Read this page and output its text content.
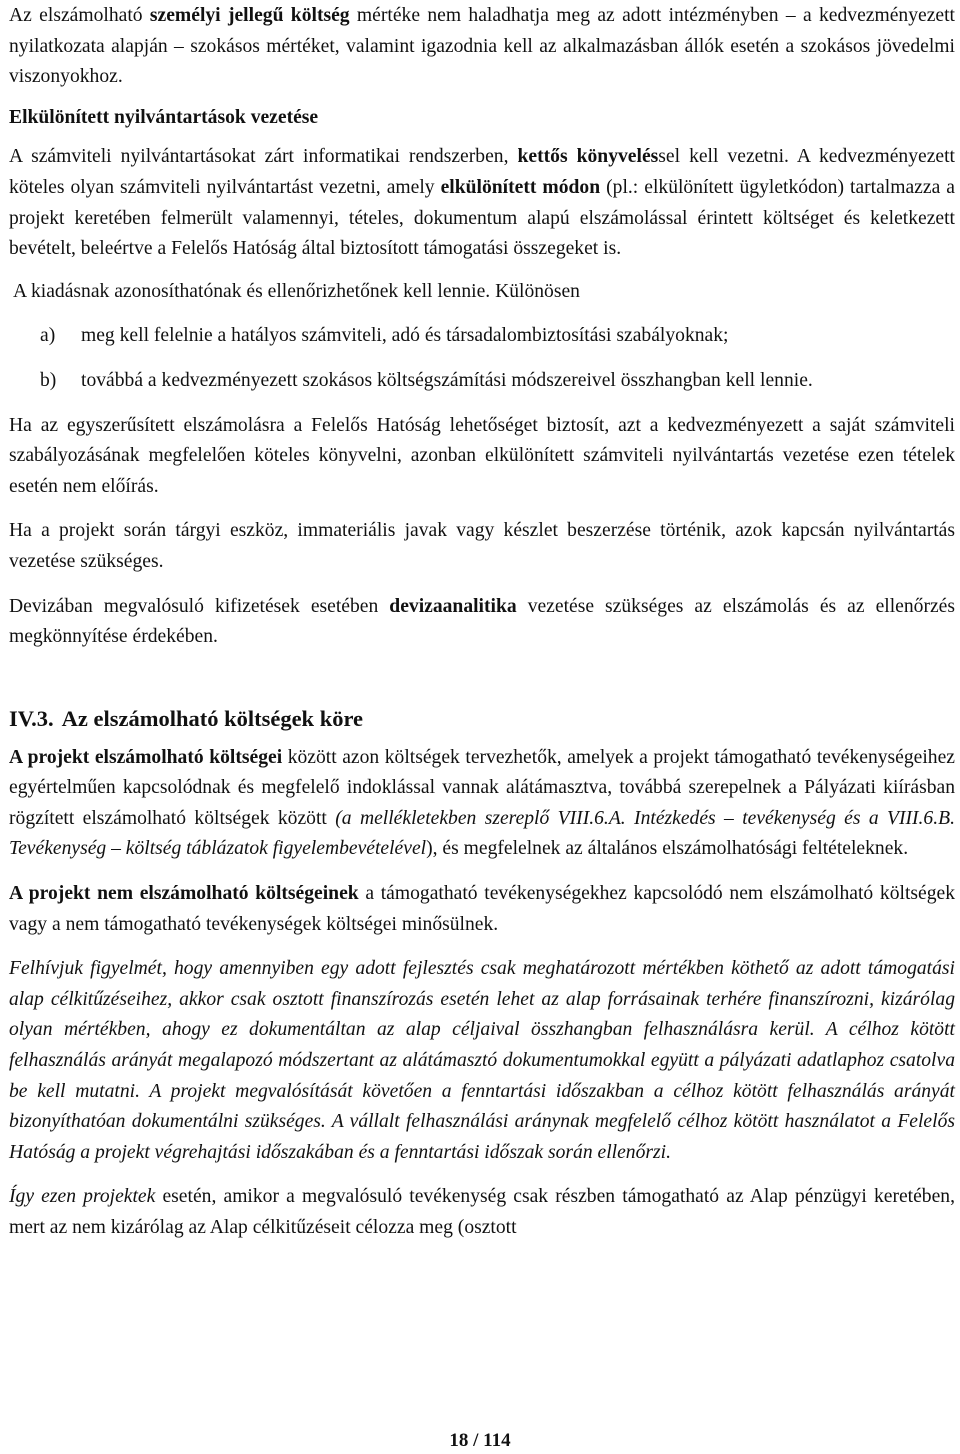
Az elszámolható személyi jellegű költség mértéke nem haladhatja meg az adott intézményben – a kedvezményezett nyilatkozata alapján – szokásos mértéket, valamint igazodnia kell az alkalmazásban állók esetén a szokásos jövedelmi viszonyokhoz.

Elkülönített nyilvántartások vezetése

A számviteli nyilvántartásokat zárt informatikai rendszerben, kettős könyveléssel kell vezetni. A kedvezményezett köteles olyan számviteli nyilvántartást vezetni, amely elkülönített módon (pl.: elkülönített ügyletkódon) tartalmazza a projekt keretében felmerült valamennyi, tételes, dokumentum alapú elszámolással érintett költséget és keletkezett bevételt, beleértve a Felelős Hatóság által biztosított támogatási összegeket is.

A kiadásnak azonosíthatónak és ellenőrizhetőnek kell lennie. Különösen

a) meg kell felelnie a hatályos számviteli, adó és társadalombiztosítási szabályoknak;
b) továbbá a kedvezményezett szokásos költségszámítási módszereivel összhangban kell lennie.

Ha az egyszerűsített elszámolásra a Felelős Hatóság lehetőséget biztosít, azt a kedvezményezett a saját számviteli szabályozásának megfelelően köteles könyvelni, azonban elkülönített számviteli nyilvántartás vezetése ezen tételek esetén nem előírás.

Ha a projekt során tárgyi eszköz, immateriális javak vagy készlet beszerzése történik, azok kapcsán nyilvántartás vezetése szükséges.

Devizában megvalósuló kifizetések esetében devizaanalitika vezetése szükséges az elszámolás és az ellenőrzés megkönnyítése érdekében.

IV.3. Az elszámolható költségek köre

A projekt elszámolható költségei között azon költségek tervezhetők, amelyek a projekt támogatható tevékenységeihez egyértelműen kapcsolódnak és megfelelő indoklással vannak alátámasztva, továbbá szerepelnek a Pályázati kiírásban rögzített elszámolható költségek között (a mellékletekben szereplő VIII.6.A. Intézkedés – tevékenység és a VIII.6.B. Tevékenység – költség táblázatok figyelembevételével), és megfelelnek az általános elszámolhatósági feltételeknek.

A projekt nem elszámolható költségeinek a támogatható tevékenységekhez kapcsolódó nem elszámolható költségek vagy a nem támogatható tevékenységek költségei minősülnek.

Felhívjuk figyelmét, hogy amennyiben egy adott fejlesztés csak meghatározott mértékben köthető az adott támogatási alap célkitűzéseihez, akkor csak osztott finanszírozás esetén lehet az alap forrásainak terhére finanszírozni, kizárólag olyan mértékben, ahogy ez dokumentáltan az alap céljaival összhangban felhasználásra kerül. A célhoz kötött felhasználás arányát megalapozó módszertant az alátámasztó dokumentumokkal együtt a pályázati adatlaphoz csatolva be kell mutatni. A projekt megvalósítását követően a fenntartási időszakban a célhoz kötött felhasználás arányát bizonyíthatóan dokumentálni szükséges. A vállalt felhasználási aránynak megfelelő célhoz kötött használatot a Felelős Hatóság a projekt végrehajtási időszakában és a fenntartási időszak során ellenőrzi.

Így ezen projektek esetén, amikor a megvalósuló tevékenység csak részben támogatható az Alap pénzügyi keretében, mert az nem kizárólag az Alap célkitűzéseit célozza meg (osztott

18 / 114
